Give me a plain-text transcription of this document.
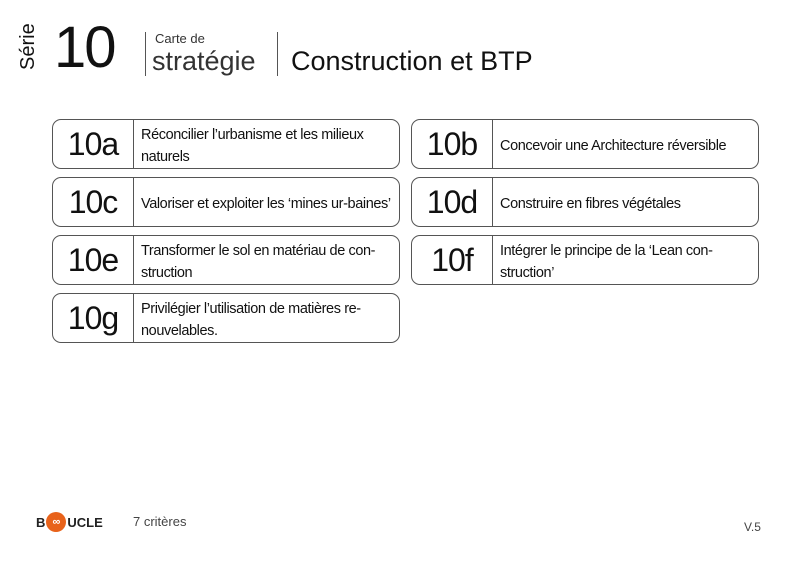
Série 10	Carte de
stratégie Construction et BTP
10a	Réconcilier l’urbanisme et les milieux naturels	10b	Concevoir une Architecture réversible
10c	Valoriser et exploiter les ‘mines ur-baines’	10d	Construire en fibres végétales
10e	Transformer le sol en matériau de con-struction	10f	Intégrer le principe de la ‘Lean con-struction’
10g	Privilégier l’utilisation de matières re-nouvelables.
B ∞ UCLE 7 critères	V.5
